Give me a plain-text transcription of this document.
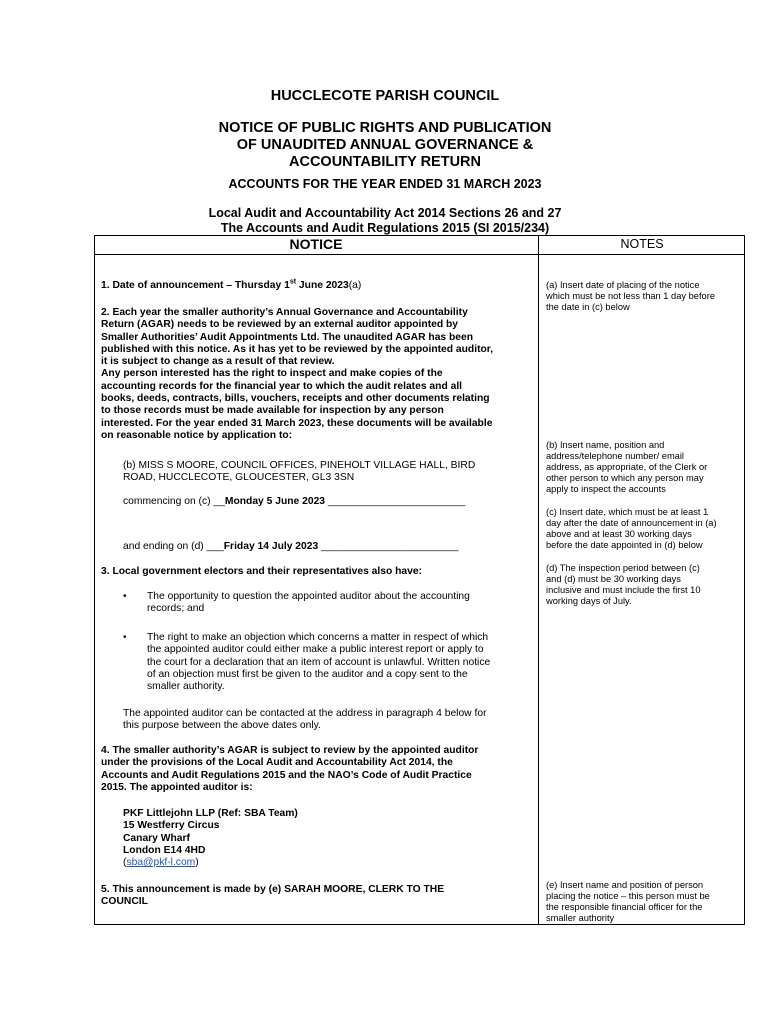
HUCCLECOTE PARISH COUNCIL
NOTICE OF PUBLIC RIGHTS AND PUBLICATION
OF UNAUDITED ANNUAL GOVERNANCE &
ACCOUNTABILITY RETURN
ACCOUNTS FOR THE YEAR ENDED 31 MARCH 2023
Local Audit and Accountability Act 2014 Sections 26 and 27
The Accounts and Audit Regulations 2015 (SI 2015/234)
NOTICE	NOTES
1. Date of announcement – Thursday 1st June 2023(a)
2. Each year the smaller authority’s Annual Governance and Accountability
Return (AGAR) needs to be reviewed by an external auditor appointed by
Smaller Authorities’ Audit Appointments Ltd. The unaudited AGAR has been
published with this notice. As it has yet to be reviewed by the appointed auditor,
it is subject to change as a result of that review.
Any person interested has the right to inspect and make copies of the
accounting records for the financial year to which the audit relates and all
books, deeds, contracts, bills, vouchers, receipts and other documents relating
to those records must be made available for inspection by any person
interested. For the year ended 31 March 2023, these documents will be available
on reasonable notice by application to:
(b) MISS S MOORE, COUNCIL OFFICES, PINEHOLT VILLAGE HALL, BIRD
ROAD, HUCCLECOTE, GLOUCESTER, GL3 3SN
commencing on (c) __Monday 5 June 2023 ________________________
and ending on (d) ___Friday 14 July 2023 ________________________
3. Local government electors and their representatives also have:
• The opportunity to question the appointed auditor about the accounting
records; and
• The right to make an objection which concerns a matter in respect of which
the appointed auditor could either make a public interest report or apply to
the court for a declaration that an item of account is unlawful. Written notice
of an objection must first be given to the auditor and a copy sent to the
smaller authority.
The appointed auditor can be contacted at the address in paragraph 4 below for
this purpose between the above dates only.
4. The smaller authority’s AGAR is subject to review by the appointed auditor
under the provisions of the Local Audit and Accountability Act 2014, the
Accounts and Audit Regulations 2015 and the NAO’s Code of Audit Practice
2015. The appointed auditor is:
PKF Littlejohn LLP (Ref: SBA Team)
15 Westferry Circus
Canary Wharf
London E14 4HD
(sba@pkf-l.com)
5. This announcement is made by (e) SARAH MOORE, CLERK TO THE
COUNCIL
(a) Insert date of placing of the notice
which must be not less than 1 day before
the date in (c) below
(b) Insert name, position and
address/telephone number/ email
address, as appropriate, of the Clerk or
other person to which any person may
apply to inspect the accounts
(c) Insert date, which must be at least 1
day after the date of announcement in (a)
above and at least 30 working days
before the date appointed in (d) below
(d) The inspection period between (c)
and (d) must be 30 working days
inclusive and must include the first 10
working days of July.
(e) Insert name and position of person
placing the notice – this person must be
the responsible financial officer for the
smaller authority
